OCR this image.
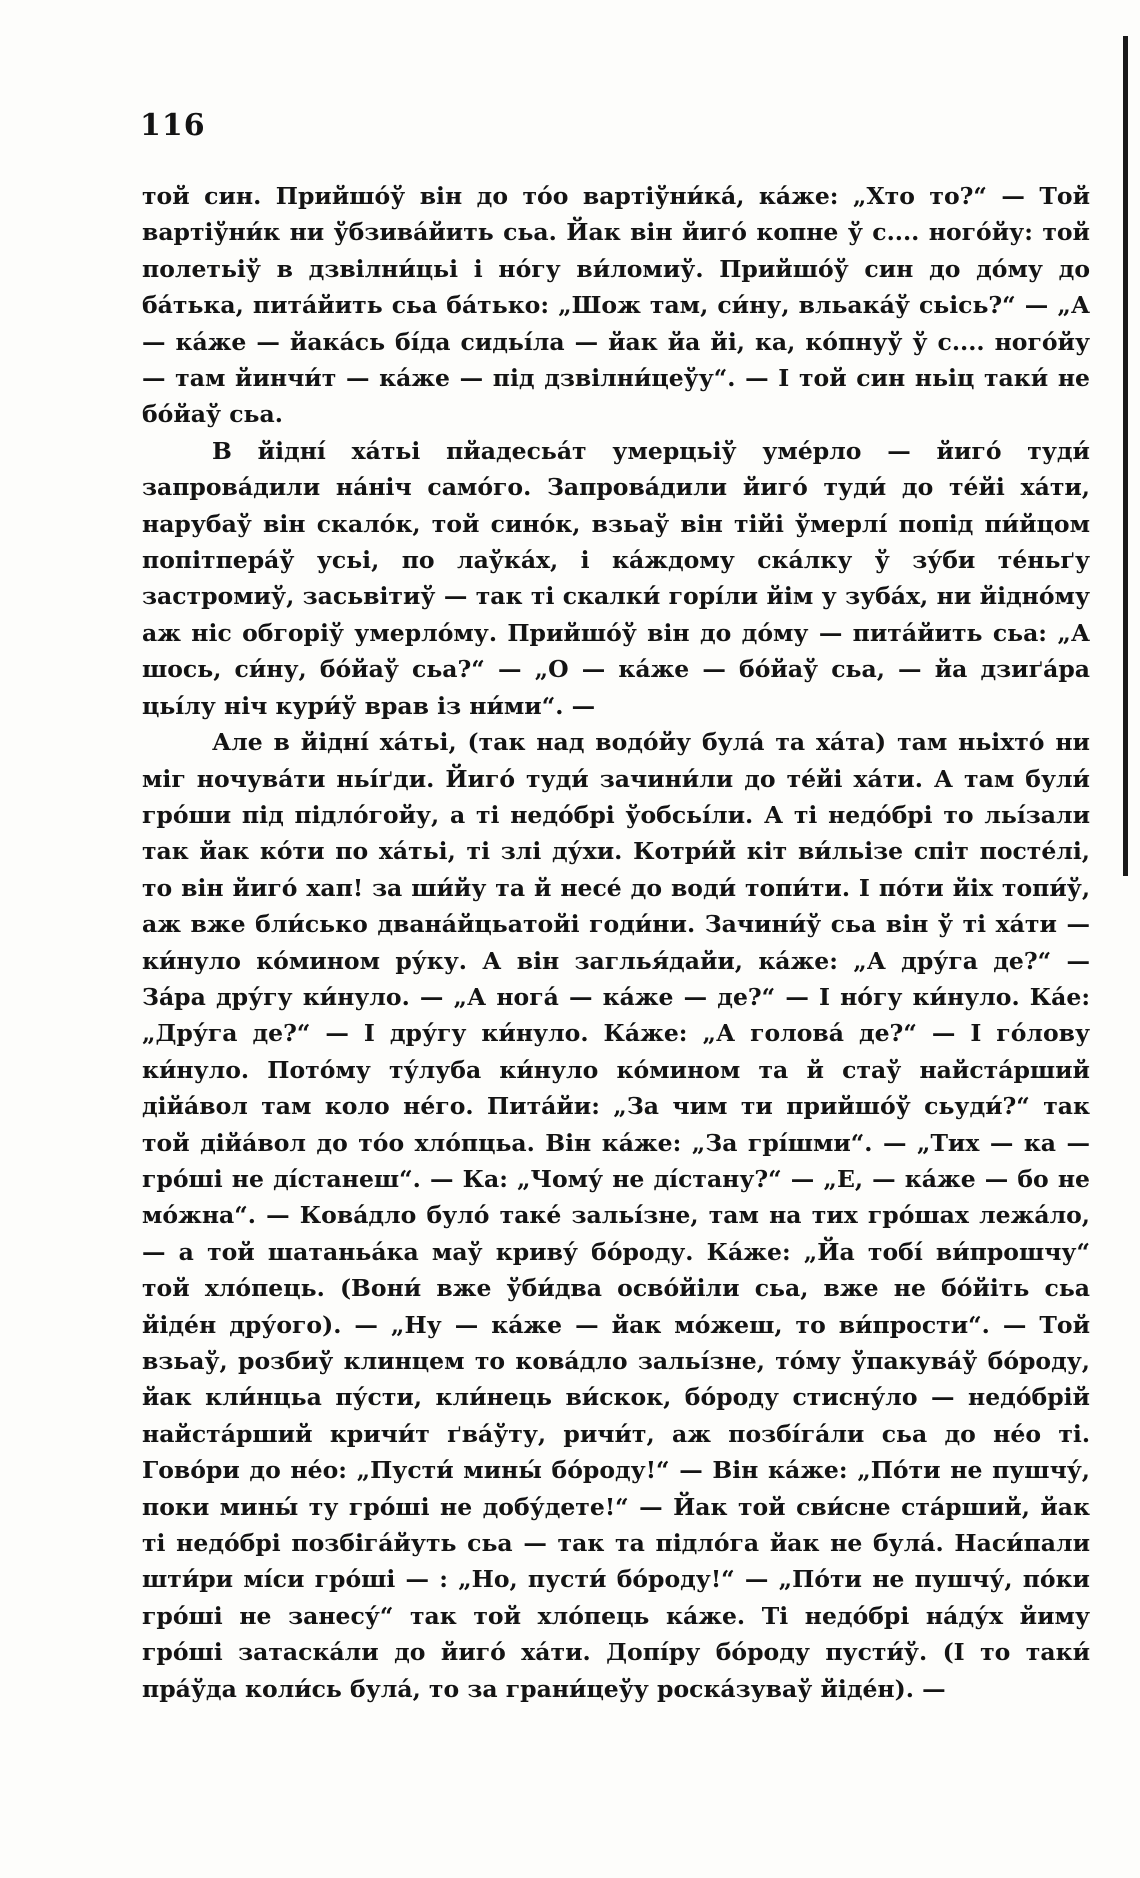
116

той син. Прийшо́ў він до то́о вартіўни́ка́, ка́же: „Хто то?“ — Той вартіўни́к ни ўбзива́йить сьа. Йак він йиго́ копне ў с.... ного́йу: той полетьіў в дзвілни́цьі і но́гу ви́ломиў. Прийшо́ў син до до́му до ба́тька, пита́йить сьа ба́тько: „Шож там, си́ну, вльака́ў сьісь?“ — „А — ка́же — йака́сь бі́да сидьі́ла — йак йа йі, ка, ко́пнуў ў с.... ного́йу — там йинчи́т — ка́же — під дзвілни́цеўу“. — І той син ньіц таки́ не бо́йаў сьа.

В йідні́ ха́тьі пйадесьа́т умерцьіў уме́рло — йиго́ туди́ запрова́дили на́ніч само́го. Запрова́дили йиго́ туди́ до те́йі ха́ти, нарубаў він скало́к, той сино́к, взьаў він тійі ўмерлі́ попід пи́йцом попітпера́ў усьі, по лаўка́х, і ка́ждому ска́лку ў зу́би те́ньґу застромиў, засьвітиў — так ті скалки́ горі́ли йім у зуба́х, ни йідно́му аж ніс обгоріў умерло́му. Прийшо́ў він до до́му — пита́йить сьа: „А шось, си́ну, бо́йаў сьа?“ — „О — ка́же — бо́йаў сьа, — йа дзиґа́ра цьі́лу ніч кури́ў врав із ни́ми“. —

Але в йідні́ ха́тьі, (так над водо́йу була́ та ха́та) там ньіхто́ ни міг ночува́ти ньі́ґди. Йиго́ туди́ зачини́ли до те́йі ха́ти. А там були́ гро́ши під підло́гойу, а ті недо́брі ўобсьі́ли. А ті недо́брі то льі́зали так йак ко́ти по ха́тьі, ті злі ду́хи. Котри́й кіт ви́льізе спіт посте́лі, то він йиго́ хап! за ши́йу та й несе́ до води́ топи́ти. І по́ти йіх топи́ў, аж вже бли́сько двана́йцьатойі годи́ни. Зачини́ў сьа він ў ті ха́ти — ки́нуло ко́мином ру́ку. А він заглья́дайи, ка́же: „А дру́га де?“ — За́ра дру́гу ки́нуло. — „А нога́ — ка́же — де?“ — І но́гу ки́нуло. Ка́е: „Дру́га де?“ — І дру́гу ки́нуло. Ка́же: „А голова́ де?“ — І го́лову ки́нуло. Пото́му ту́луба ки́нуло ко́мином та й стаў найста́рший дійа́вол там коло не́го. Пита́йи: „За чим ти прийшо́ў сьуди́?“ так той дійа́вол до то́о хло́пцьа. Він ка́же: „За грі́шми“. — „Тих — ка — гро́ші не ді́станеш“. — Ка: „Чому́ не ді́стану?“ — „Е, — ка́же — бо не мо́жна“. — Кова́дло було́ таке́ зальі́зне, там на тих гро́шах лежа́ло, — а той шатаньа́ка маў криву́ бо́роду. Ка́же: „Йа тобі́ ви́прошчу“ той хло́пець. (Вони́ вже ўби́два осво́йіли сьа, вже не бо́йіть сьа йіде́н дру́ого). — „Ну — ка́же — йак мо́жеш, то ви́прости“. — Той взьаў, розбиў клинцем то кова́дло зальі́зне, то́му ўпакува́ў бо́роду, йак кли́нцьа пу́сти, кли́нець ви́скок, бо́роду стисну́ло — недо́брій найста́рший кричи́т ґва́ўту, ричи́т, аж позбі́га́ли сьа до не́о ті. Гово́ри до не́о: „Пусти́ мины́ бо́роду!“ — Він ка́же: „По́ти не пушчу́, поки мины́ ту гро́ші не добу́дете!“ — Йак той сви́сне ста́рший, йак ті недо́брі позбіга́йуть сьа — так та підло́га йак не була́. Наси́пали шти́ри мі́си гро́ші — : „Но, пусти́ бо́роду!“ — „По́ти не пушчу́, по́ки гро́ші не занесу́“ так той хло́пець ка́же. Ті недо́брі на́ду́х йиму гро́ші затаска́ли до йиго́ ха́ти. Допі́ру бо́роду пусти́ў. (І то таки́ пра́ўда коли́сь була́, то за грани́цеўу роска́зуваў йіде́н). —
